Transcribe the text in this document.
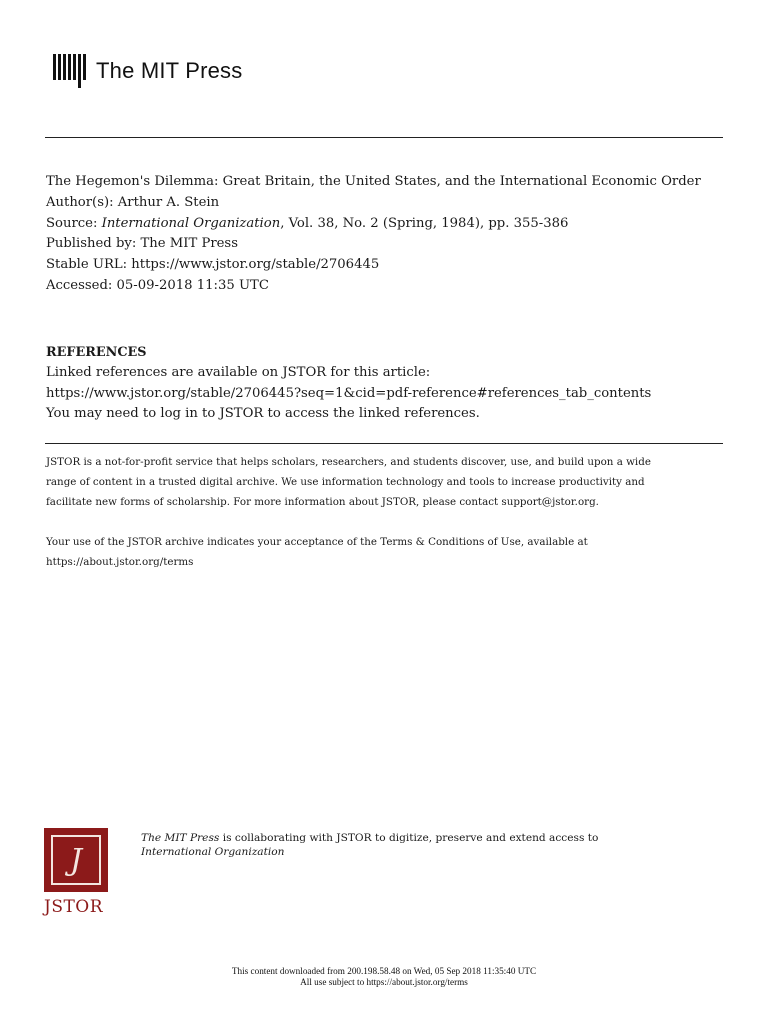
The MIT Press
The Hegemon's Dilemma: Great Britain, the United States, and the International Economic Order
Author(s): Arthur A. Stein
Source: International Organization, Vol. 38, No. 2 (Spring, 1984), pp. 355-386
Published by: The MIT Press
Stable URL: https://www.jstor.org/stable/2706445
Accessed: 05-09-2018 11:35 UTC
REFERENCES
Linked references are available on JSTOR for this article:
https://www.jstor.org/stable/2706445?seq=1&cid=pdf-reference#references_tab_contents
You may need to log in to JSTOR to access the linked references.

JSTOR is a not-for-profit service that helps scholars, researchers, and students discover, use, and build upon a wide
range of content in a trusted digital archive. We use information technology and tools to increase productivity and
facilitate new forms of scholarship. For more information about JSTOR, please contact support@jstor.org.

Your use of the JSTOR archive indicates your acceptance of the Terms & Conditions of Use, available at
https://about.jstor.org/terms

J
JSTOR
The MIT Press is collaborating with JSTOR to digitize, preserve and extend access to
International Organization
This content downloaded from 200.198.58.48 on Wed, 05 Sep 2018 11:35:40 UTC
All use subject to https://about.jstor.org/terms
